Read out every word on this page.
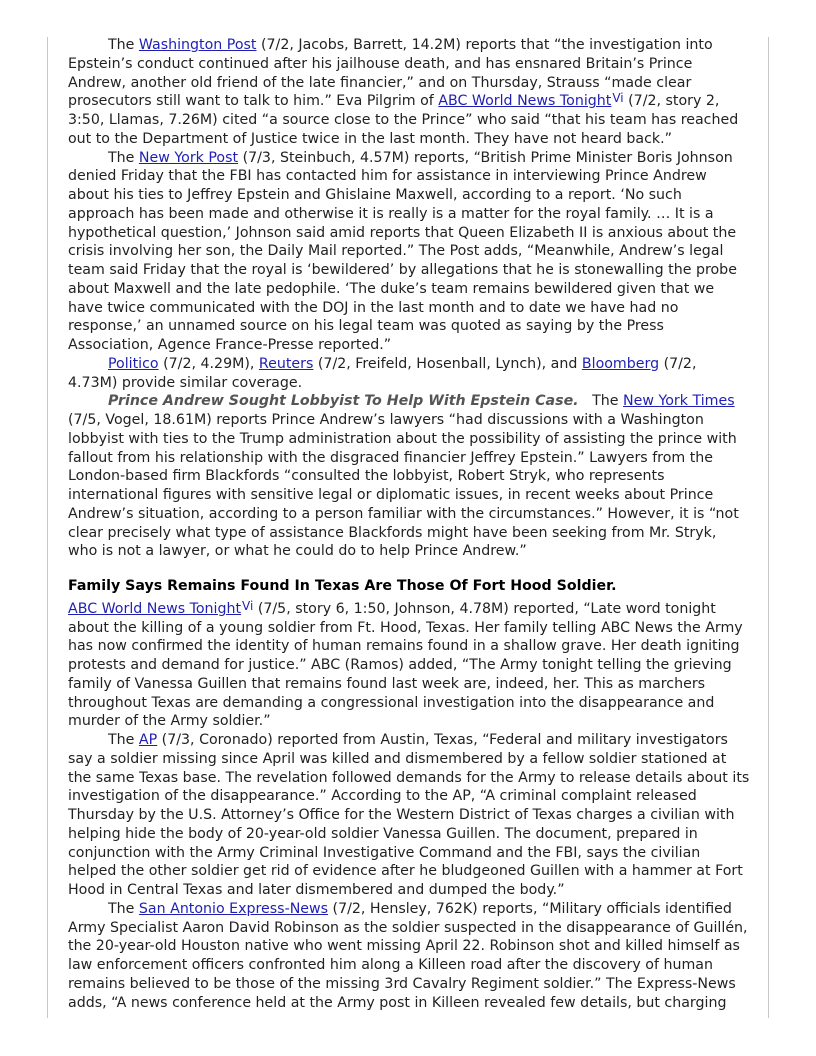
The Washington Post (7/2, Jacobs, Barrett, 14.2M) reports that “the investigation into Epstein’s conduct continued after his jailhouse death, and has ensnared Britain’s Prince Andrew, another old friend of the late financier,” and on Thursday, Strauss “made clear prosecutors still want to talk to him.” Eva Pilgrim of ABC World News Tonight$^{Vi}$ (7/2, story 2, 3:50, Llamas, 7.26M) cited “a source close to the Prince” who said “that his team has reached out to the Department of Justice twice in the last month. They have not heard back.”

The New York Post (7/3, Steinbuch, 4.57M) reports, “British Prime Minister Boris Johnson denied Friday that the FBI has contacted him for assistance in interviewing Prince Andrew about his ties to Jeffrey Epstein and Ghislaine Maxwell, according to a report. ‘No such approach has been made and otherwise it is really is a matter for the royal family. … It is a hypothetical question,’ Johnson said amid reports that Queen Elizabeth II is anxious about the crisis involving her son, the Daily Mail reported.” The Post adds, “Meanwhile, Andrew’s legal team said Friday that the royal is ‘bewildered’ by allegations that he is stonewalling the probe about Maxwell and the late pedophile. ‘The duke’s team remains bewildered given that we have twice communicated with the DOJ in the last month and to date we have had no response,’ an unnamed source on his legal team was quoted as saying by the Press Association, Agence France-Presse reported.”

Politico (7/2, 4.29M), Reuters (7/2, Freifeld, Hosenball, Lynch), and Bloomberg (7/2, 4.73M) provide similar coverage.

Prince Andrew Sought Lobbyist To Help With Epstein Case.   The New York Times (7/5, Vogel, 18.61M) reports Prince Andrew’s lawyers “had discussions with a Washington lobbyist with ties to the Trump administration about the possibility of assisting the prince with fallout from his relationship with the disgraced financier Jeffrey Epstein.” Lawyers from the London-based firm Blackfords “consulted the lobbyist, Robert Stryk, who represents international figures with sensitive legal or diplomatic issues, in recent weeks about Prince Andrew’s situation, according to a person familiar with the circumstances.” However, it is “not clear precisely what type of assistance Blackfords might have been seeking from Mr. Stryk, who is not a lawyer, or what he could do to help Prince Andrew.”

Family Says Remains Found In Texas Are Those Of Fort Hood Soldier.

ABC World News Tonight$^{Vi}$ (7/5, story 6, 1:50, Johnson, 4.78M) reported, “Late word tonight about the killing of a young soldier from Ft. Hood, Texas. Her family telling ABC News the Army has now confirmed the identity of human remains found in a shallow grave. Her death igniting protests and demand for justice.” ABC (Ramos) added, “The Army tonight telling the grieving family of Vanessa Guillen that remains found last week are, indeed, her. This as marchers throughout Texas are demanding a congressional investigation into the disappearance and murder of the Army soldier.”

The AP (7/3, Coronado) reported from Austin, Texas, “Federal and military investigators say a soldier missing since April was killed and dismembered by a fellow soldier stationed at the same Texas base. The revelation followed demands for the Army to release details about its investigation of the disappearance.” According to the AP, “A criminal complaint released Thursday by the U.S. Attorney’s Office for the Western District of Texas charges a civilian with helping hide the body of 20-year-old soldier Vanessa Guillen. The document, prepared in conjunction with the Army Criminal Investigative Command and the FBI, says the civilian helped the other soldier get rid of evidence after he bludgeoned Guillen with a hammer at Fort Hood in Central Texas and later dismembered and dumped the body.”

The San Antonio Express-News (7/2, Hensley, 762K) reports, “Military officials identified Army Specialist Aaron David Robinson as the soldier suspected in the disappearance of Guillén, the 20-year-old Houston native who went missing April 22. Robinson shot and killed himself as law enforcement officers confronted him along a Killeen road after the discovery of human remains believed to be those of the missing 3rd Cavalry Regiment soldier.” The Express-News adds, “A news conference held at the Army post in Killeen revealed few details, but charging
